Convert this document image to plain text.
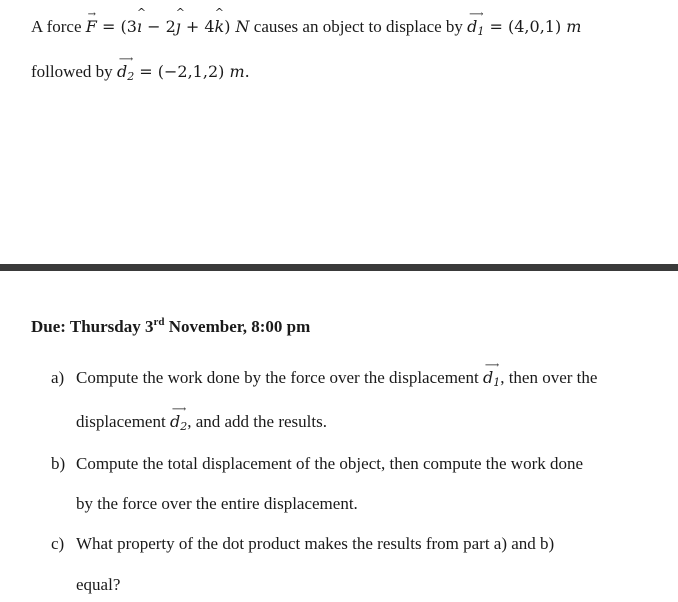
A force
→
F = (3
^
ı − 2
^
ȷ + 4
^
k) N causes an object to displace by
⟶
$d_1 = (4,0,1)$ m
followed by
⟶
$d_2 = (-2,1,2)$ m.
Due: Thursday 3rd November, 8:00 pm
a) Compute the work done by the force over the displacement
⟶
$d_1$, then over the
displacement
⟶
$d_2$, and add the results.
b) Compute the total displacement of the object, then compute the work done
by the force over the entire displacement.
c) What property of the dot product makes the results from part a) and b)
equal?
